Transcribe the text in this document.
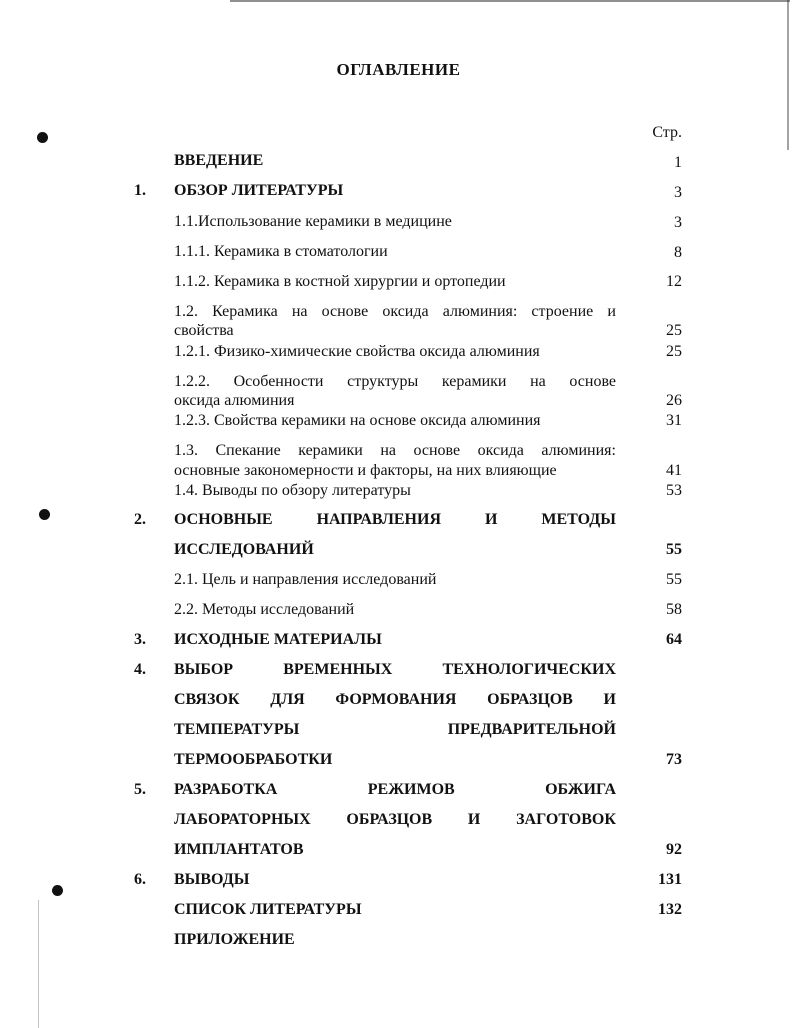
ОГЛАВЛЕНИЕ
Стр.
ВВЕДЕНИЕ	1
1. ОБЗОР ЛИТЕРАТУРЫ	3
1.1.Использование керамики в медицине	3
1.1.1. Керамика в стоматологии	8
1.1.2. Керамика в костной хирургии и ортопедии	12
1.2. Керамика на основе оксида алюминия: строение и
свойства	25
1.2.1. Физико-химические свойства оксида алюминия	25
1.2.2. Особенности структуры керамики на основе
оксида алюминия	26
1.2.3. Свойства керамики на основе оксида алюминия	31
1.3. Спекание керамики на основе оксида алюминия:
основные закономерности и факторы, на них влияющие	41
1.4. Выводы по обзору литературы	53
2. ОСНОВНЫЕ	НАПРАВЛЕНИЯ	И	МЕТОДЫ
ИССЛЕДОВАНИЙ	55
2.1. Цель и направления исследований	55
2.2. Методы исследований	58
3. ИСХОДНЫЕ МАТЕРИАЛЫ	64
4. ВЫБОР	ВРЕМЕННЫХ	ТЕХНОЛОГИЧЕСКИХ
СВЯЗОК ДЛЯ ФОРМОВАНИЯ ОБРАЗЦОВ И
ТЕМПЕРАТУРЫ	ПРЕДВАРИТЕЛЬНОЙ
ТЕРМООБРАБОТКИ	73
5. РАЗРАБОТКА	РЕЖИМОВ	ОБЖИГА
ЛАБОРАТОРНЫХ ОБРАЗЦОВ И ЗАГОТОВОК
ИМПЛАНТАТОВ	92
6. ВЫВОДЫ	131
СПИСОК ЛИТЕРАТУРЫ	132
ПРИЛОЖЕНИЕ
